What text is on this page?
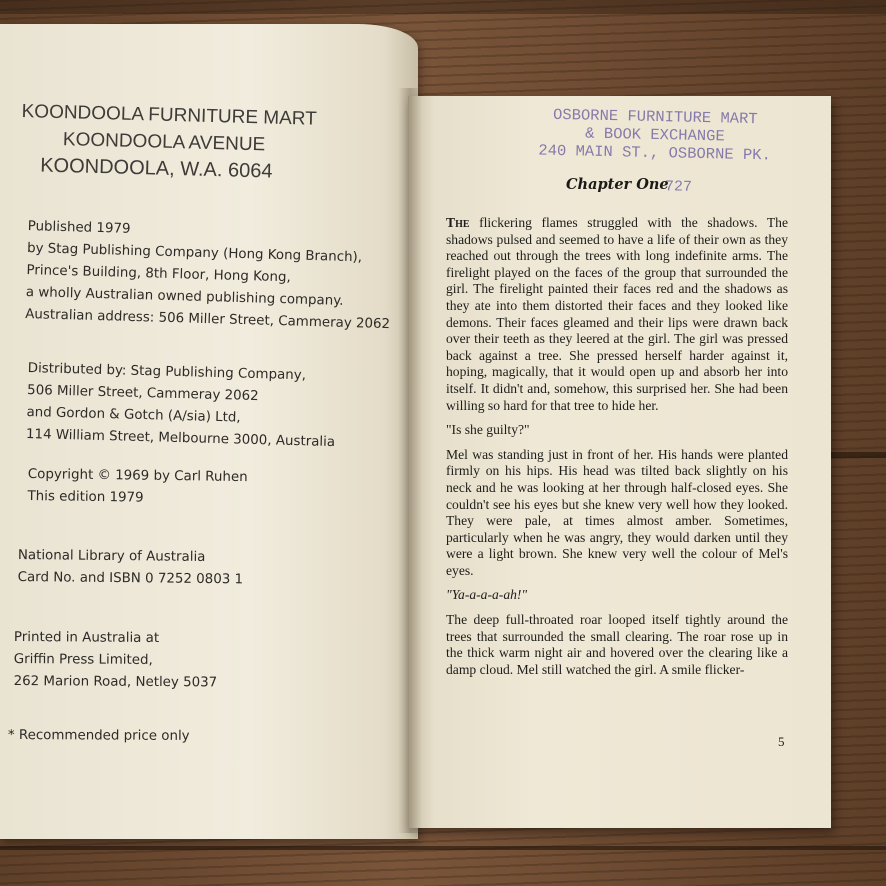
KOONDOOLA FURNITURE MART
KOONDOOLA AVENUE
KOONDOOLA, W.A. 6064
Published 1979
by Stag Publishing Company (Hong Kong Branch),
Prince's Building, 8th Floor, Hong Kong,
a wholly Australian owned publishing company.
Australian address: 506 Miller Street, Cammeray 2062
Distributed by: Stag Publishing Company,
506 Miller Street, Cammeray 2062
and Gordon & Gotch (A/sia) Ltd,
114 William Street, Melbourne 3000, Australia
Copyright © 1969 by Carl Ruhen
This edition 1979
National Library of Australia
Card No. and ISBN 0 7252 0803 1
Printed in Australia at
Griffin Press Limited,
262 Marion Road, Netley 5037
* Recommended price only
OSBORNE FURNITURE MART
& BOOK EXCHANGE
240 MAIN ST., OSBORNE PK.
727
Chapter One

The flickering flames struggled with the shadows. The shadows pulsed and seemed to have a life of their own as they reached out through the trees with long indefinite arms. The firelight played on the faces of the group that surrounded the girl. The firelight painted their faces red and the shadows as they ate into them distorted their faces and they looked like demons. Their faces gleamed and their lips were drawn back over their teeth as they leered at the girl. The girl was pressed back against a tree. She pressed herself harder against it, hoping, magically, that it would open up and absorb her into itself. It didn't and, somehow, this surprised her. She had been willing so hard for that tree to hide her.

"Is she guilty?"

Mel was standing just in front of her. His hands were planted firmly on his hips. His head was tilted back slightly on his neck and he was looking at her through half-closed eyes. She couldn't see his eyes but she knew very well how they looked. They were pale, at times almost amber. Sometimes, particularly when he was angry, they would darken until they were a light brown. She knew very well the colour of Mel's eyes.

"Ya-a-a-a-ah!"

The deep full-throated roar looped itself tightly around the trees that surrounded the small clearing. The roar rose up in the thick warm night air and hovered over the clearing like a damp cloud. Mel still watched the girl. A smile flicker-

5
